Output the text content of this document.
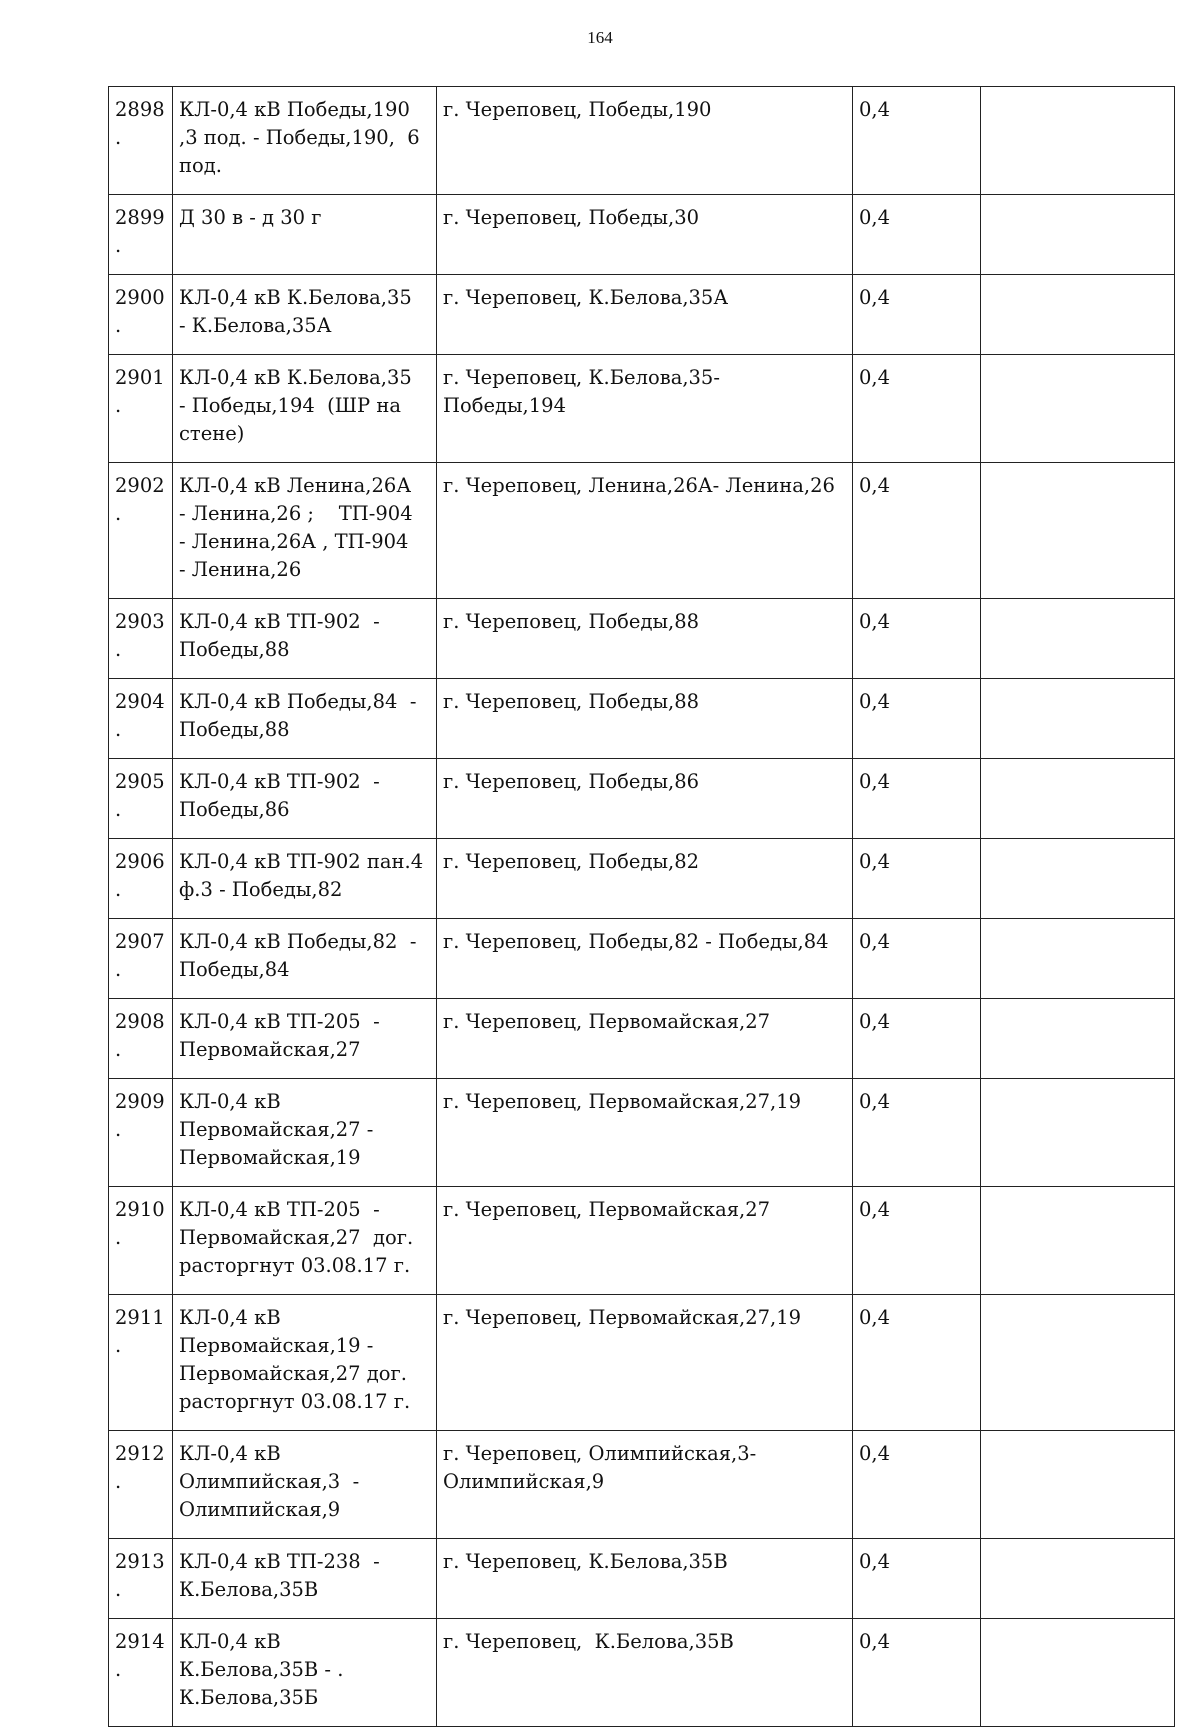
164
2898.	КЛ-0,4 кВ Победы,190
,3 под. - Победы,190,  6
под.	г. Череповец, Победы,190	0,4	
2899.	Д 30 в - д 30 г	г. Череповец, Победы,30	0,4	
2900.	КЛ-0,4 кВ К.Белова,35
- К.Белова,35А	г. Череповец, К.Белова,35А	0,4	
2901.	КЛ-0,4 кВ К.Белова,35
- Победы,194  (ШР на
стене)	г. Череповец, К.Белова,35-
Победы,194	0,4	
2902.	КЛ-0,4 кВ Ленина,26А
- Ленина,26 ;    ТП-904
- Ленина,26А , ТП-904
- Ленина,26	г. Череповец, Ленина,26А- Ленина,26	0,4	
2903.	КЛ-0,4 кВ ТП-902  -
Победы,88	г. Череповец, Победы,88	0,4	
2904.	КЛ-0,4 кВ Победы,84  -
Победы,88	г. Череповец, Победы,88	0,4	
2905.	КЛ-0,4 кВ ТП-902  -
Победы,86	г. Череповец, Победы,86	0,4	
2906.	КЛ-0,4 кВ ТП-902 пан.4
ф.3 - Победы,82	г. Череповец, Победы,82	0,4	
2907.	КЛ-0,4 кВ Победы,82  -
Победы,84	г. Череповец, Победы,82 - Победы,84	0,4	
2908.	КЛ-0,4 кВ ТП-205  -
Первомайская,27	г. Череповец, Первомайская,27	0,4	
2909.	КЛ-0,4 кВ
Первомайская,27 -
Первомайская,19	г. Череповец, Первомайская,27,19	0,4	
2910.	КЛ-0,4 кВ ТП-205  -
Первомайская,27  дог.
расторгнут 03.08.17 г.	г. Череповец, Первомайская,27	0,4	
2911.	КЛ-0,4 кВ
Первомайская,19 -
Первомайская,27 дог.
расторгнут 03.08.17 г.	г. Череповец, Первомайская,27,19	0,4	
2912.	КЛ-0,4 кВ
Олимпийская,3  -
Олимпийская,9	г. Череповец, Олимпийская,3-
Олимпийская,9	0,4	
2913.	КЛ-0,4 кВ ТП-238  -
К.Белова,35В	г. Череповец, К.Белова,35В	0,4	
2914.	КЛ-0,4 кВ
К.Белова,35В - .
К.Белова,35Б	г. Череповец,  К.Белова,35В	0,4	
